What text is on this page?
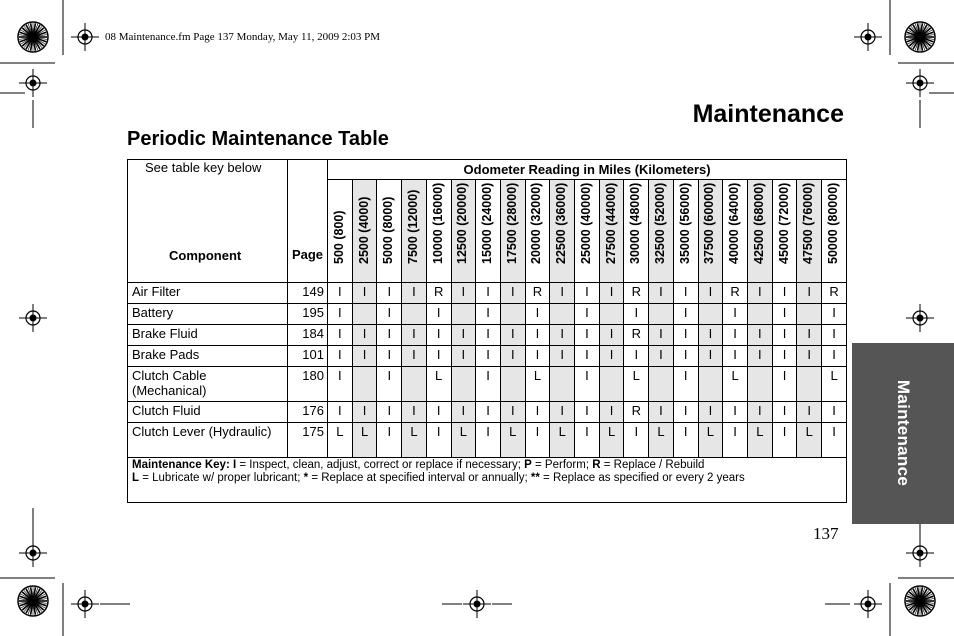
08 Maintenance.fm Page 137 Monday, May 11, 2009 2:03 PM
Maintenance
Periodic Maintenance Table
Maintenance
137
See table key below
Component	Page	Odometer Reading in Miles (Kilometers)																				

		500 (800)	2500 (4000)	5000 (8000)	7500 (12000)	10000 (16000)	12500 (20000)	15000 (24000)	17500 (28000)	20000 (32000)	22500 (36000)	25000 (40000)	27500 (44000)	30000 (48000)	32500 (52000)	35000 (56000)	37500 (60000)	40000 (64000)	42500 (68000)	45000 (72000)	47500 (76000)	50000 (80000)

Air Filter	149	I	I	I	I	R	I	I	I	R	I	I	I	R	I	I	I	R	I	I	I	R
Battery	195	I		I		I		I		I		I		I		I		I		I		I
Brake Fluid	184	I	I	I	I	I	I	I	I	I	I	I	I	R	I	I	I	I	I	I	I	I
Brake Pads	101	I	I	I	I	I	I	I	I	I	I	I	I	I	I	I	I	I	I	I	I	I
Clutch Cable (Mechanical)	180	I		I		L		I		L		I		L		I		L		I		L
Clutch Fluid	176	I	I	I	I	I	I	I	I	I	I	I	I	R	I	I	I	I	I	I	I	I
Clutch Lever (Hydraulic)	175	L	L	I	L	I	L	I	L	I	L	I	L	I	L	I	L	I	L	I	L	I
Maintenance Key: I = Inspect, clean, adjust, correct or replace if necessary; P = Perform; R = Replace / Rebuild
L = Lubricate w/ proper lubricant; * = Replace at specified interval or annually; ** = Replace as specified or every 2 years																						
